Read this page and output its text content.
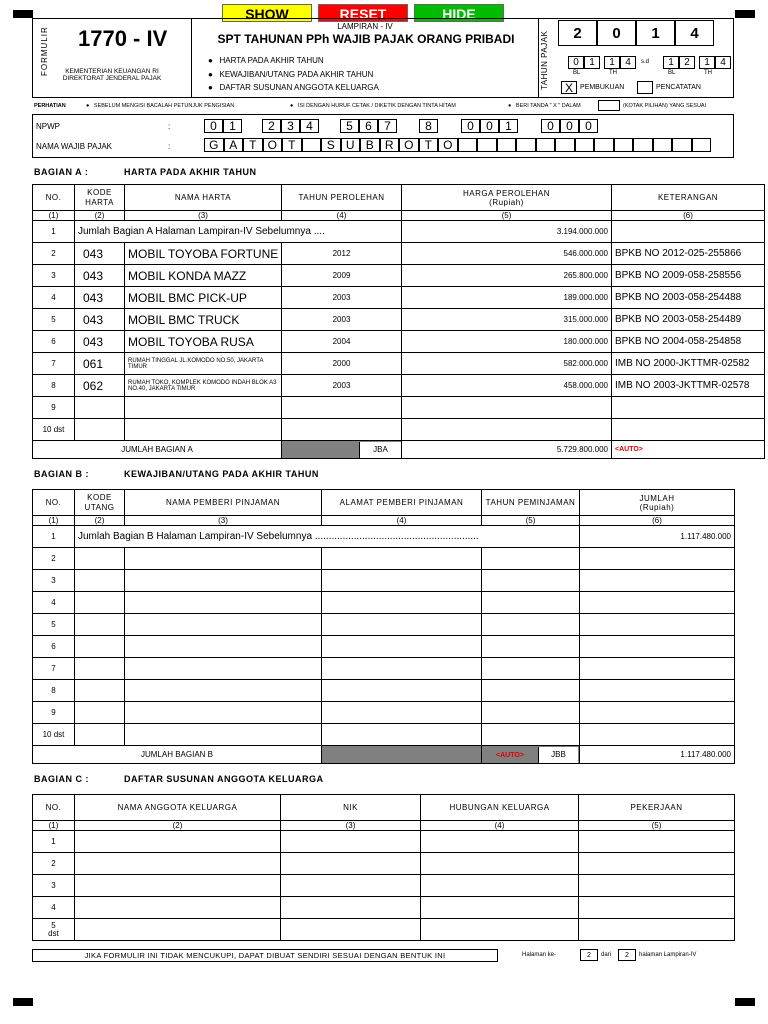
SHOW	RESET	HIDE
FORMULIR 1770 - IV
KEMENTERIAN KEUANGAN RI
DIREKTORAT JENDERAL PAJAK
LAMPIRAN - IV
SPT TAHUNAN PPh WAJIB PAJAK ORANG PRIBADI
●   HARTA PADA AKHIR TAHUN
●   KEWAJIBAN/UTANG PADA AKHIR TAHUN
●   DAFTAR SUSUNAN ANGGOTA KELUARGA	TAHUN PAJAK	2	0	1	4
0	1	1	4	s.d	1	2	1	4
BL	TH	BL	TH
X	PEMBUKUAN	PENCATATAN
PERHATIAN	●   SEBELUM MENGISI BACALAH PETUNJUK PENGISIAN	●   ISI DENGAN HURUF CETAK / DIKETIK DENGAN TINTA HITAM	●   BERI TANDA " X " DALAM	(KOTAK PILIHAN) YANG SESUAI
NPWP	:
NAMA WAJIB PAJAK	:
0	1	2	3	4	5	6	7	8	0	0	1	0	0	0
G A T O T	S U B R O T O
BAGIAN A :	HARTA PADA AKHIR TAHUN
NO.	KODE HARTA	NAMA HARTA	TAHUN PEROLEHAN	HARGA PEROLEHAN
(Rupiah)	KETERANGAN
(1)	(2)	(3)	(4)	(5)	(6)
1	Jumlah Bagian A Halaman Lampiran-IV Sebelumnya ....			3.194.000.000	
2	043	MOBIL TOYOBA FORTUNE	2012	546.000.000	BPKB NO 2012-025-255866
3	043	MOBIL KONDA MAZZ	2009	265.800.000	BPKB NO 2009-058-258556
4	043	MOBIL BMC PICK-UP	2003	189.000.000	BPKB NO 2003-058-254488
5	043	MOBIL BMC TRUCK	2003	315.000.000	BPKB NO 2003-058-254489
6	043	MOBIL TOYOBA RUSA	2004	180.000.000	BPKB NO 2004-058-254858
7	061	RUMAH TINGGAL JL.KOMODO NO.50, JAKARTA TIMUR	2000	582.000.000	IMB NO 2000-JKTTMR-02582
8	062	RUMAH TOKO, KOMPLEK KOMODO INDAH BLOK A3 NO.40, JAKARTA TIMUR	2003	458.000.000	IMB NO 2003-JKTTMR-02578
9					
10 dst					
JUMLAH BAGIAN A			JBA	5.729.800.000	<AUTO>
BAGIAN B :	KEWAJIBAN/UTANG PADA AKHIR TAHUN
NO.	KODE UTANG	NAMA PEMBERI PINJAMAN	ALAMAT PEMBERI PINJAMAN	TAHUN PEMINJAMAN	JUMLAH
(Rupiah)

(1)	(2)	(3)	(4)	(5)	(6)
1	Jumlah Bagian B Halaman Lampiran-IV Sebelumnya ...........................................................				1.117.480.000
2					
3					
4					
5					
6					
7					
8					
9					
10 dst					
JUMLAH BAGIAN B				<AUTO> JBB	1.117.480.000
BAGIAN C :	DAFTAR SUSUNAN ANGGOTA KELUARGA
NO.	NAMA ANGGOTA KELUARGA	NIK	HUBUNGAN KELUARGA	PEKERJAAN
(1)	(2)	(3)	(4)	(5)
1				
2				
3				
4				

5
dst				

JIKA FORMULIR INI TIDAK MENCUKUPI, DAPAT DIBUAT SENDIRI SESUAI DENGAN BENTUK INI	Halaman ke-	2	dari	2	halaman Lampiran-IV
